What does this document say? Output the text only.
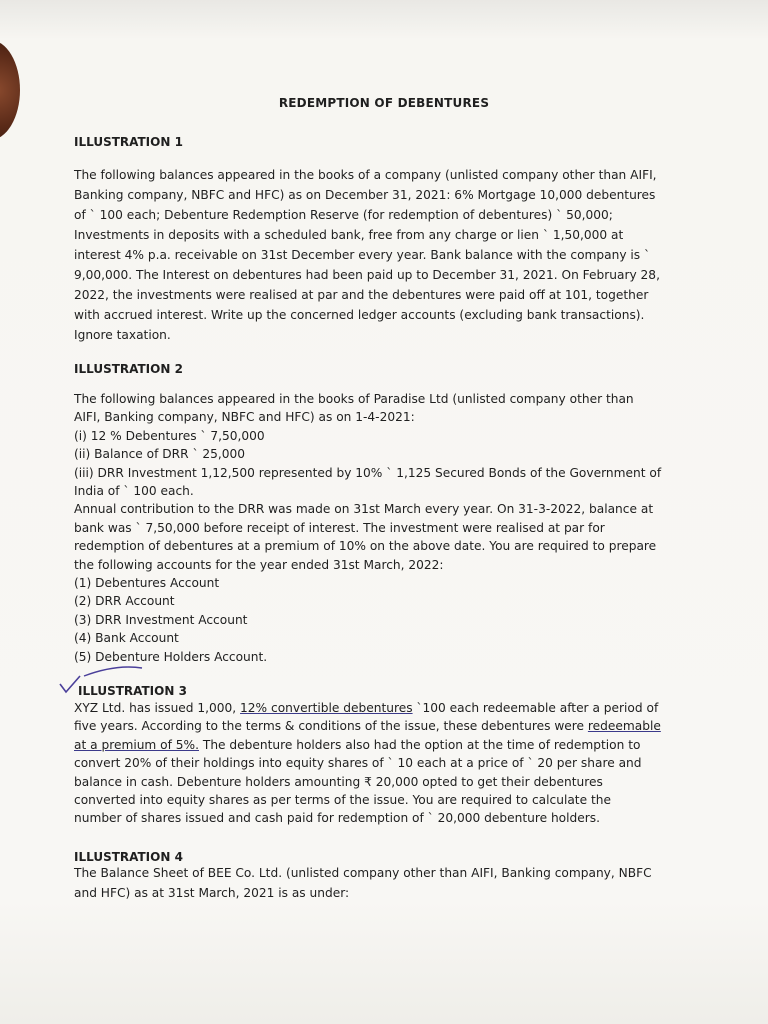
REDEMPTION OF DEBENTURES
ILLUSTRATION 1
The following balances appeared in the books of a company (unlisted company other than AIFI,
Banking company, NBFC and HFC) as on December 31, 2021: 6% Mortgage 10,000 debentures
of ` 100 each; Debenture Redemption Reserve (for redemption of debentures) ` 50,000;
Investments in deposits with a scheduled bank, free from any charge or lien ` 1,50,000 at
interest 4% p.a. receivable on 31st December every year. Bank balance with the company is `
9,00,000. The Interest on debentures had been paid up to December 31, 2021. On February 28,
2022, the investments were realised at par and the debentures were paid off at 101, together
with accrued interest. Write up the concerned ledger accounts (excluding bank transactions).
Ignore taxation.
ILLUSTRATION 2
The following balances appeared in the books of Paradise Ltd (unlisted company other than
AIFI, Banking company, NBFC and HFC) as on 1-4-2021:
(i) 12 % Debentures ` 7,50,000
(ii) Balance of DRR ` 25,000
(iii) DRR Investment 1,12,500 represented by 10% ` 1,125 Secured Bonds of the Government of
India of ` 100 each.
Annual contribution to the DRR was made on 31st March every year. On 31-3-2022, balance at
bank was ` 7,50,000 before receipt of interest. The investment were realised at par for
redemption of debentures at a premium of 10% on the above date. You are required to prepare
the following accounts for the year ended 31st March, 2022:
(1) Debentures Account
(2) DRR Account
(3) DRR Investment Account
(4) Bank Account
(5) Debenture Holders Account.
ILLUSTRATION 3
XYZ Ltd. has issued 1,000, 12% convertible debentures `100 each redeemable after a period of
five years. According to the terms & conditions of the issue, these debentures were redeemable
at a premium of 5%. The debenture holders also had the option at the time of redemption to
convert 20% of their holdings into equity shares of ` 10 each at a price of ` 20 per share and
balance in cash. Debenture holders amounting ₹ 20,000 opted to get their debentures
converted into equity shares as per terms of the issue. You are required to calculate the
number of shares issued and cash paid for redemption of ` 20,000 debenture holders.
ILLUSTRATION 4
The Balance Sheet of BEE Co. Ltd. (unlisted company other than AIFI, Banking company, NBFC
and HFC) as at 31st March, 2021 is as under:
